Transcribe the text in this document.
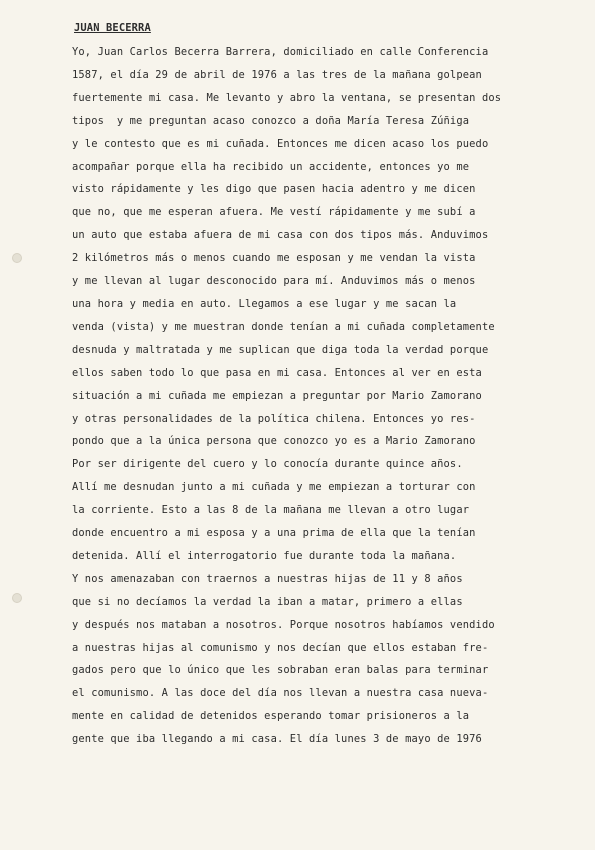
JUAN BECERRA
Yo, Juan Carlos Becerra Barrera, domiciliado en calle Conferencia
1587, el día 29 de abril de 1976 a las tres de la mañana golpean
fuertemente mi casa. Me levanto y abro la ventana, se presentan dos
tipos  y me preguntan acaso conozco a doña María Teresa Zúñiga
y le contesto que es mi cuñada. Entonces me dicen acaso los puedo
acompañar porque ella ha recibido un accidente, entonces yo me
visto rápidamente y les digo que pasen hacia adentro y me dicen
que no, que me esperan afuera. Me vestí rápidamente y me subí a
un auto que estaba afuera de mi casa con dos tipos más. Anduvimos
2 kilómetros más o menos cuando me esposan y me vendan la vista
y me llevan al lugar desconocido para mí. Anduvimos más o menos
una hora y media en auto. Llegamos a ese lugar y me sacan la
venda (vista) y me muestran donde tenían a mi cuñada completamente
desnuda y maltratada y me suplican que diga toda la verdad porque
ellos saben todo lo que pasa en mi casa. Entonces al ver en esta
situación a mi cuñada me empiezan a preguntar por Mario Zamorano
y otras personalidades de la política chilena. Entonces yo res-
pondo que a la única persona que conozco yo es a Mario Zamorano
Por ser dirigente del cuero y lo conocía durante quince años.
Allí me desnudan junto a mi cuñada y me empiezan a torturar con
la corriente. Esto a las 8 de la mañana me llevan a otro lugar
donde encuentro a mi esposa y a una prima de ella que la tenían
detenida. Allí el interrogatorio fue durante toda la mañana.
Y nos amenazaban con traernos a nuestras hijas de 11 y 8 años
que si no decíamos la verdad la iban a matar, primero a ellas
y después nos mataban a nosotros. Porque nosotros habíamos vendido
a nuestras hijas al comunismo y nos decían que ellos estaban fre-
gados pero que lo único que les sobraban eran balas para terminar
el comunismo. A las doce del día nos llevan a nuestra casa nueva-
mente en calidad de detenidos esperando tomar prisioneros a la
gente que iba llegando a mi casa. El día lunes 3 de mayo de 1976
